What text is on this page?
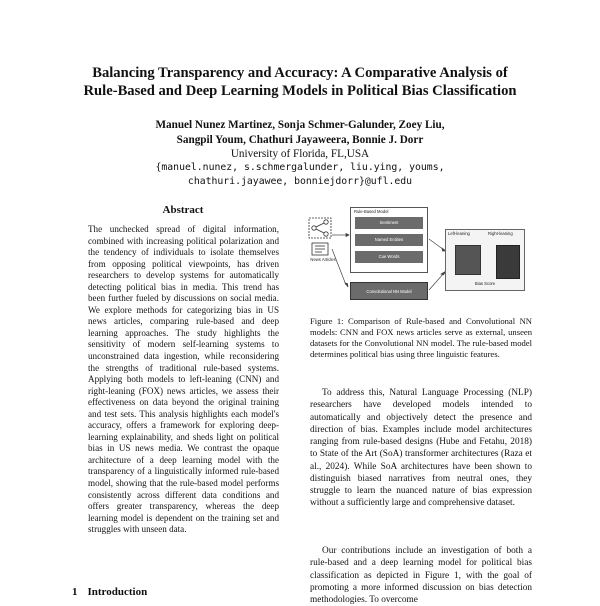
Balancing Transparency and Accuracy: A Comparative Analysis of
Rule-Based and Deep Learning Models in Political Bias Classification
Manuel Nunez Martinez, Sonja Schmer-Galunder, Zoey Liu,
Sangpil Youm, Chathuri Jayaweera, Bonnie J. Dorr
University of Florida, FL,USA
{manuel.nunez, s.schmergalunder, liu.ying, youms,
chathuri.jayawee, bonniejdorr}@ufl.edu
Abstract
The unchecked spread of digital information, combined with increasing political polarization and the tendency of individuals to isolate themselves from opposing political viewpoints, has driven researchers to develop systems for automatically detecting political bias in media. This trend has been further fueled by discussions on social media. We explore methods for categorizing bias in US news articles, comparing rule-based and deep learning approaches. The study highlights the sensitivity of modern self-learning systems to unconstrained data ingestion, while reconsidering the strengths of traditional rule-based systems. Applying both models to left-leaning (CNN) and right-leaning (FOX) news articles, we assess their effectiveness on data beyond the original training and test sets. This analysis highlights each model's accuracy, offers a framework for exploring deep-learning explainability, and sheds light on political bias in US news media. We contrast the opaque architecture of a deep learning model with the transparency of a linguistically informed rule-based model, showing that the rule-based model performs consistently across different data conditions and offers greater transparency, whereas the deep learning model is dependent on the training set and struggles with unseen data.
1 Introduction
Rule-Based Model
Sentiment
Named Entities
Cue Words
News Articles
Convolutional NN Model
Left-leaning	Right-leaning
Bias Score
Figure 1: Comparison of Rule-based and Convolutional NN models: CNN and FOX news articles serve as external, unseen datasets for the Convolutional NN model. The rule-based model determines political bias using three linguistic features.
To address this, Natural Language Processing (NLP) researchers have developed models intended to automatically and objectively detect the presence and direction of bias. Examples include model architectures ranging from rule-based designs (Hube and Fetahu, 2018) to State of the Art (SoA) transformer architectures (Raza et al., 2024). While SoA architectures have been shown to distinguish biased narratives from neutral ones, they struggle to learn the nuanced nature of bias expression without a sufficiently large and comprehensive dataset.
Our contributions include an investigation of both a rule-based and a deep learning model for political bias classification as depicted in Figure 1, with the goal of promoting a more informed discussion on bias detection methodologies. To overcome
